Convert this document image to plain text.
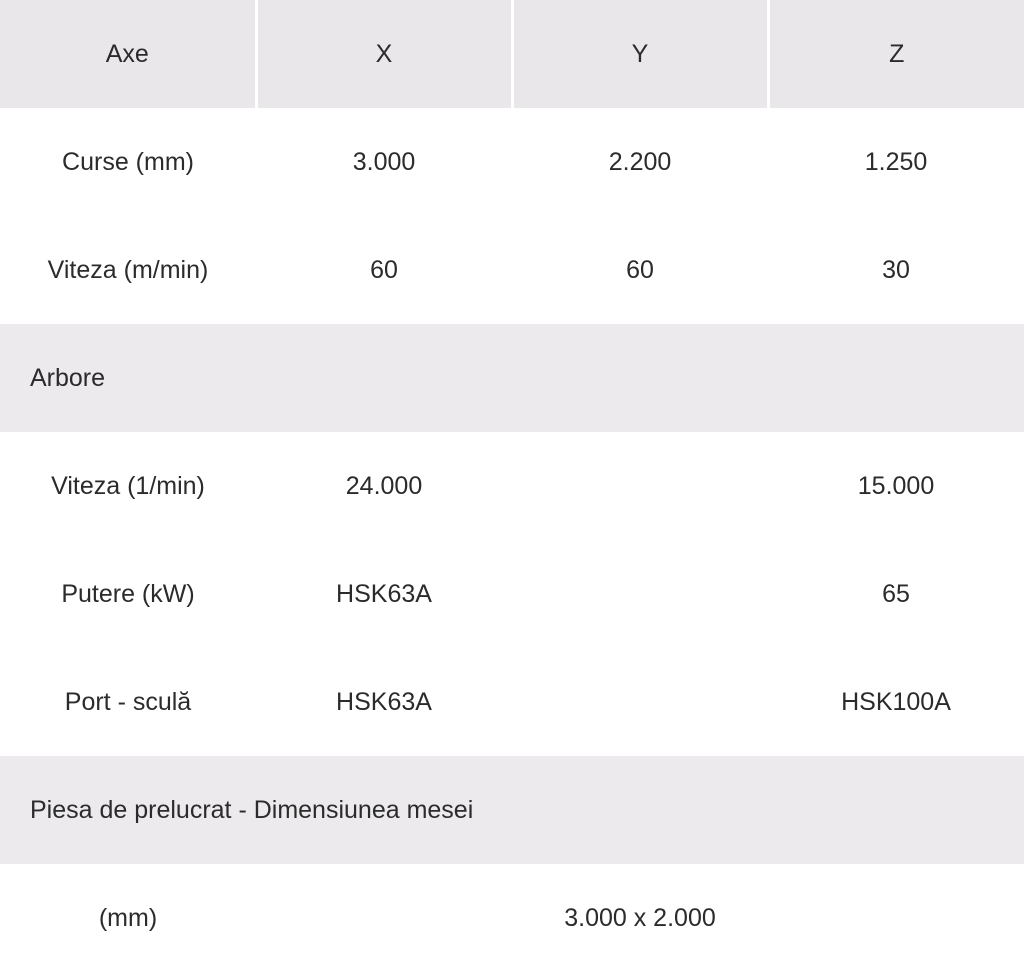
Axe	X	Y	Z
Curse (mm)	3.000	2.200	1.250
Viteza (m/min)	60	60	30
Arbore			
Viteza (1/min)	24.000		15.000
Putere (kW)	HSK63A		65
Port - sculă	HSK63A		HSK100A
Piesa de prelucrat - Dimensiunea mesei			
(mm)	3.000 x 2.000		
